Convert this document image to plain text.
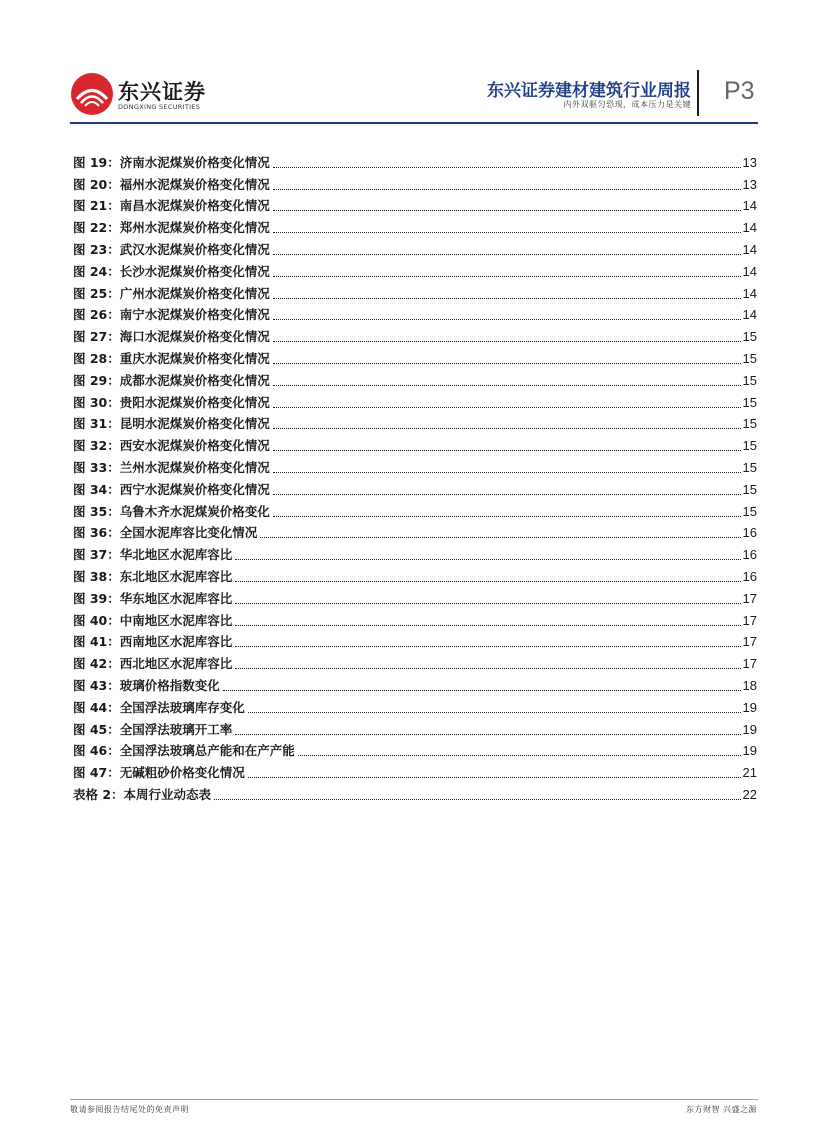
东兴证券
DONGXING SECURITIES
东兴证券建材建筑行业周报
内外双驱匀恐现，成本压力是关键 P3
图 19：济南水泥煤炭价格变化情况	13
图 20：福州水泥煤炭价格变化情况	13
图 21：南昌水泥煤炭价格变化情况	14
图 22：郑州水泥煤炭价格变化情况	14
图 23：武汉水泥煤炭价格变化情况	14
图 24：长沙水泥煤炭价格变化情况	14
图 25：广州水泥煤炭价格变化情况	14
图 26：南宁水泥煤炭价格变化情况	14
图 27：海口水泥煤炭价格变化情况	15
图 28：重庆水泥煤炭价格变化情况	15
图 29：成都水泥煤炭价格变化情况	15
图 30：贵阳水泥煤炭价格变化情况	15
图 31：昆明水泥煤炭价格变化情况	15
图 32：西安水泥煤炭价格变化情况	15
图 33：兰州水泥煤炭价格变化情况	15
图 34：西宁水泥煤炭价格变化情况	15
图 35：乌鲁木齐水泥煤炭价格变化	15
图 36：全国水泥库容比变化情况	16
图 37：华北地区水泥库容比	16
图 38：东北地区水泥库容比	16
图 39：华东地区水泥库容比	17
图 40：中南地区水泥库容比	17
图 41：西南地区水泥库容比	17
图 42：西北地区水泥库容比	17
图 43：玻璃价格指数变化	18
图 44：全国浮法玻璃库存变化	19
图 45：全国浮法玻璃开工率	19
图 46：全国浮法玻璃总产能和在产产能	19
图 47：无碱粗砂价格变化情况	21
表格 2：本周行业动态表	22
敬请参阅报告结尾处的免责声明	东方财智 兴盛之源
